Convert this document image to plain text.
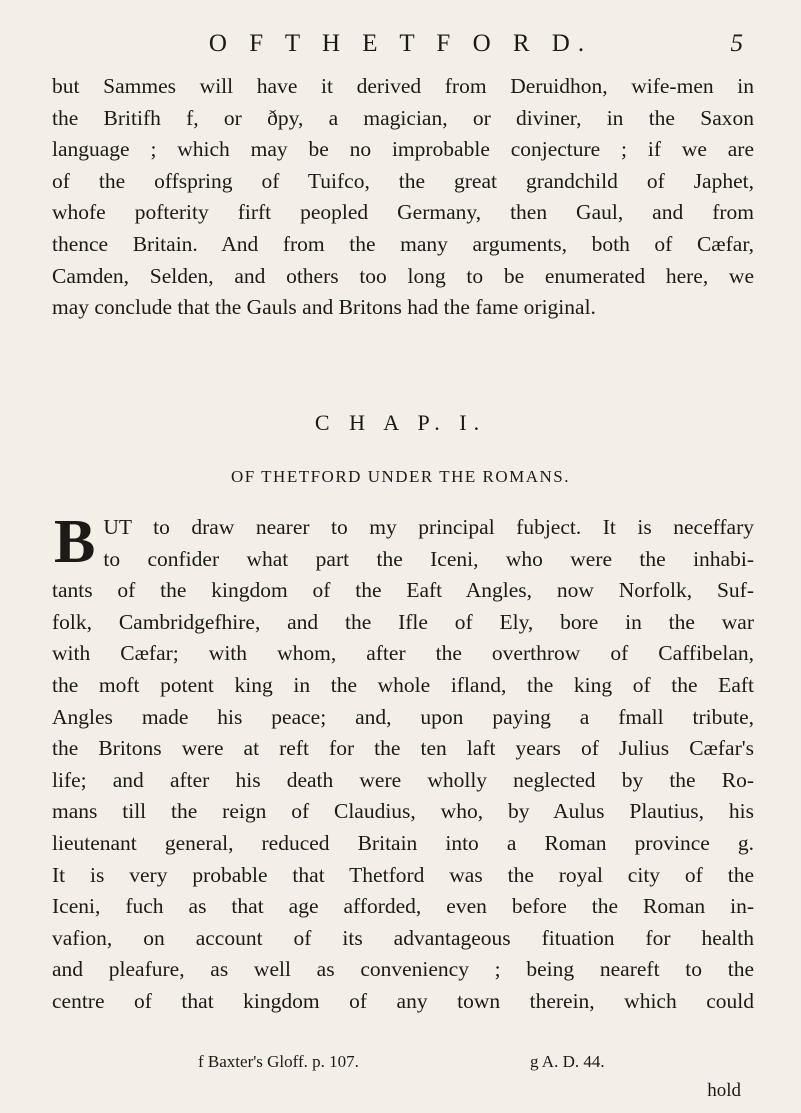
O F T H E T F O R D.	5
but Sammes will have it derived from Deruidhon, wife-men in
the Britifh f, or ðpy, a magician, or diviner, in the Saxon
language ; which may be no improbable conjecture ; if we are
of the offspring of Tuifco, the great grandchild of Japhet,
whofe pofterity firft peopled Germany, then Gaul, and from
thence Britain. And from the many arguments, both of Cæfar,
Camden, Selden, and others too long to be enumerated here, we
may conclude that the Gauls and Britons had the fame original.
C H A P. I.
OF THETFORD UNDER THE ROMANS.
B UT to draw nearer to my principal fubject. It is neceffary
to confider what part the Iceni, who were the inhabi-
tants of the kingdom of the Eaft Angles, now Norfolk, Suf-
folk, Cambridgefhire, and the Ifle of Ely, bore in the war
with Cæfar; with whom, after the overthrow of Caffibelan,
the moft potent king in the whole ifland, the king of the Eaft
Angles made his peace; and, upon paying a fmall tribute,
the Britons were at reft for the ten laft years of Julius Cæfar's
life; and after his death were wholly neglected by the Ro-
mans till the reign of Claudius, who, by Aulus Plautius, his
lieutenant general, reduced Britain into a Roman province g.
It is very probable that Thetford was the royal city of the
Iceni, fuch as that age afforded, even before the Roman in-
vafion, on account of its advantageous fituation for health
and pleafure, as well as conveniency ; being neareft to the
centre of that kingdom of any town therein, which could
f Baxter's Gloff. p. 107.	g A. D. 44.
hold
